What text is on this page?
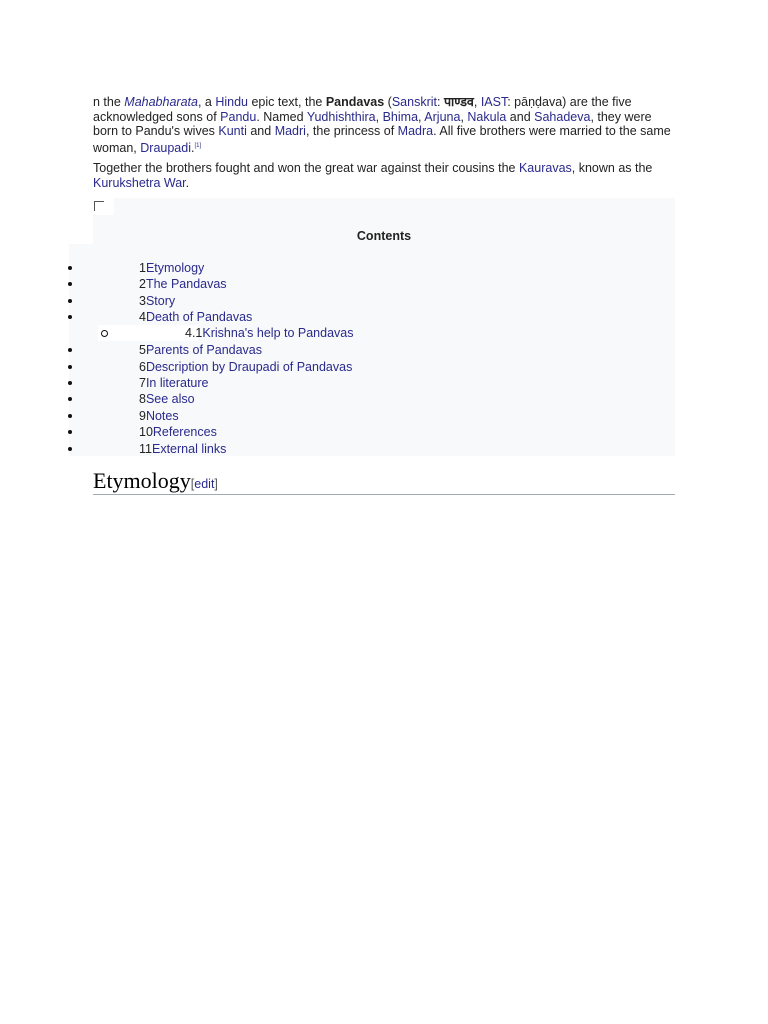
n the Mahabharata, a Hindu epic text, the Pandavas (Sanskrit: पाण्डव, IAST: pāṇḍava) are the five acknowledged sons of Pandu. Named Yudhishthira, Bhima, Arjuna, Nakula and Sahadeva, they were born to Pandu's wives Kunti and Madri, the princess of Madra. All five brothers were married to the same woman, Draupadi.[1]

Together the brothers fought and won the great war against their cousins the Kauravas, known as the Kurukshetra War.

Contents
1Etymology
2The Pandavas
3Story
4Death of Pandavas
4.1Krishna's help to Pandavas
5Parents of Pandavas
6Description by Draupadi of Pandavas
7In literature
8See also
9Notes
10References
11External links
Etymology[edit]
